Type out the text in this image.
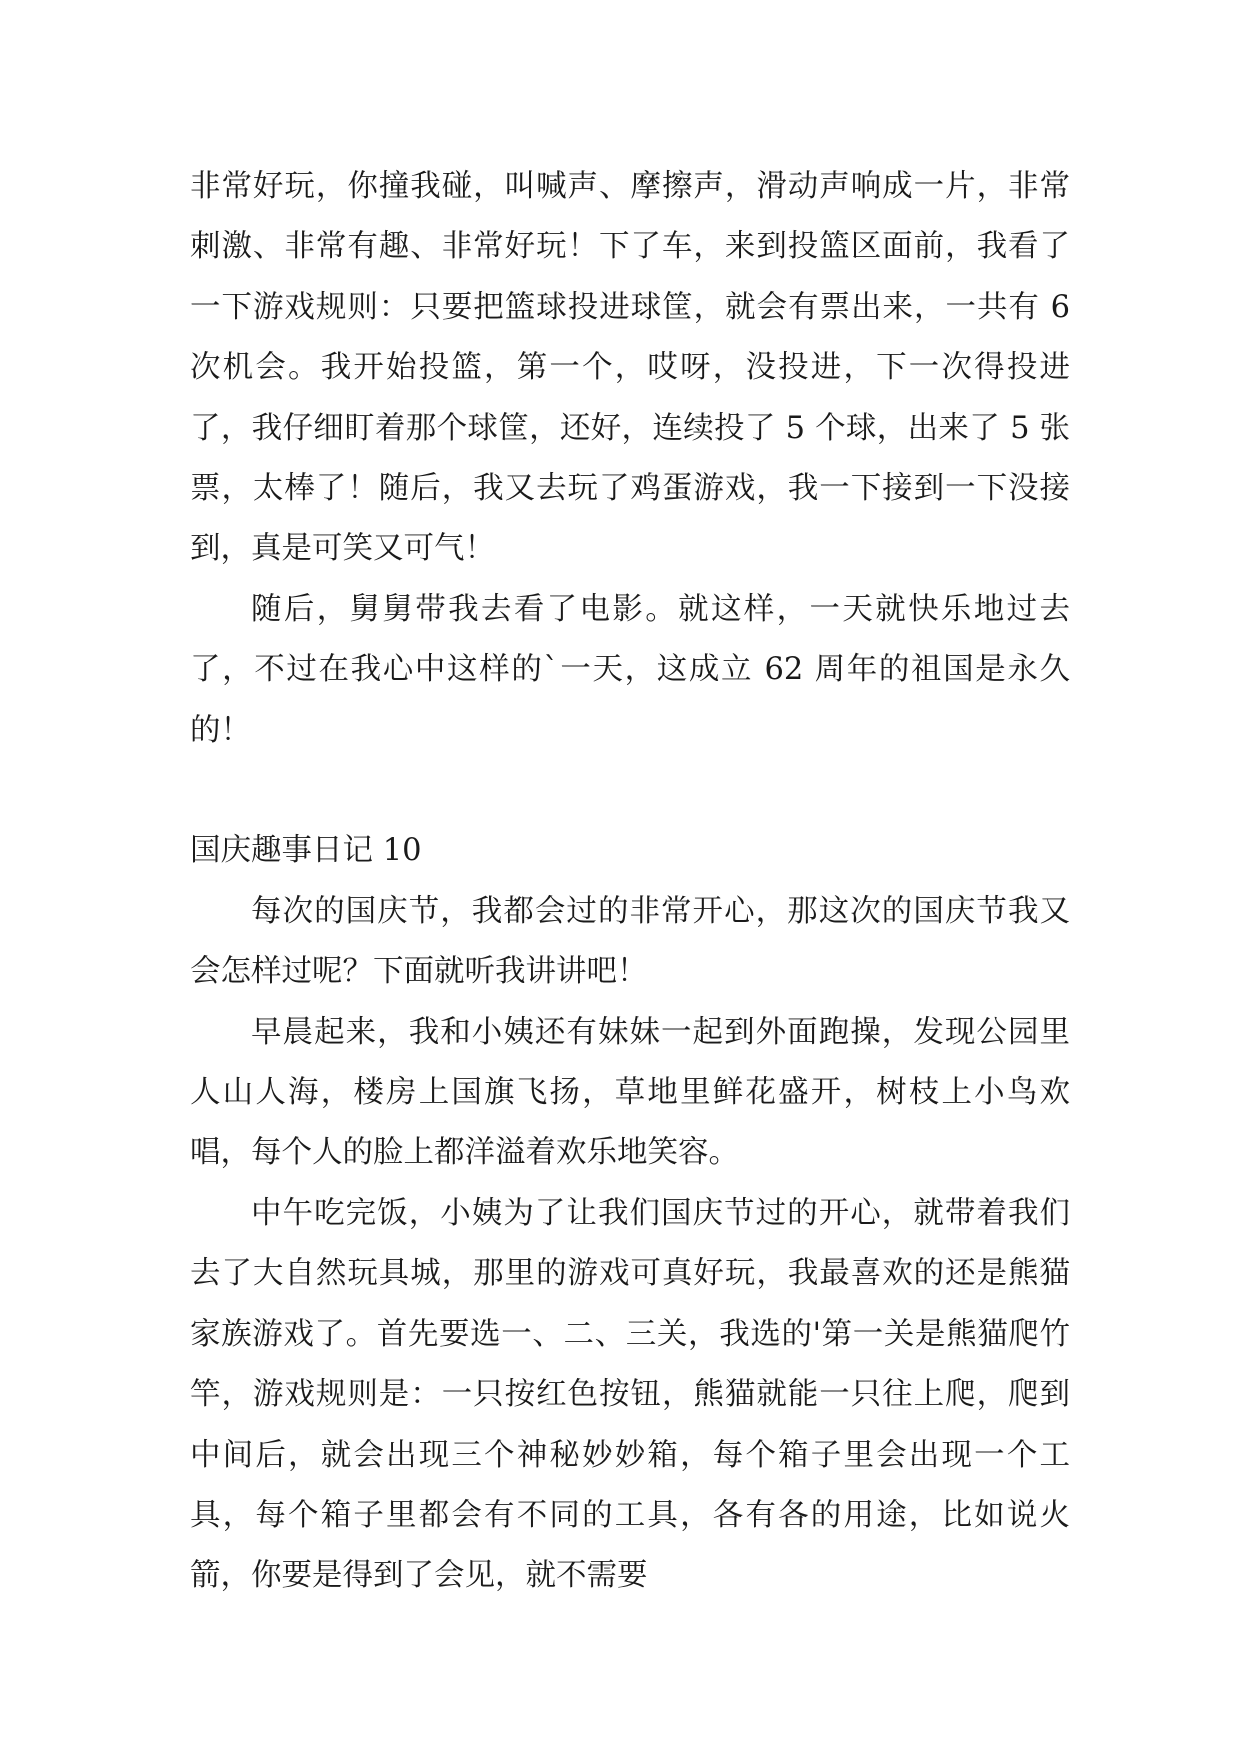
非常好玩，你撞我碰，叫喊声、摩擦声，滑动声响成一片，非常刺激、非常有趣、非常好玩！下了车，来到投篮区面前，我看了一下游戏规则：只要把篮球投进球筐，就会有票出来，一共有 6 次机会。我开始投篮，第一个，哎呀，没投进，下一次得投进了，我仔细盯着那个球筐，还好，连续投了 5 个球，出来了 5 张票，太棒了！随后，我又去玩了鸡蛋游戏，我一下接到一下没接到，真是可笑又可气！

随后，舅舅带我去看了电影。就这样，一天就快乐地过去了，不过在我心中这样的`一天，这成立 62 周年的祖国是永久的！

国庆趣事日记 10

每次的国庆节，我都会过的非常开心，那这次的国庆节我又会怎样过呢？下面就听我讲讲吧！

早晨起来，我和小姨还有妹妹一起到外面跑操，发现公园里人山人海，楼房上国旗飞扬，草地里鲜花盛开，树枝上小鸟欢唱，每个人的脸上都洋溢着欢乐地笑容。

中午吃完饭，小姨为了让我们国庆节过的开心，就带着我们去了大自然玩具城，那里的游戏可真好玩，我最喜欢的还是熊猫家族游戏了。首先要选一、二、三关，我选的'第一关是熊猫爬竹竿，游戏规则是：一只按红色按钮，熊猫就能一只往上爬，爬到中间后，就会出现三个神秘妙妙箱，每个箱子里会出现一个工具，每个箱子里都会有不同的工具，各有各的用途，比如说火箭，你要是得到了会见，就不需要
